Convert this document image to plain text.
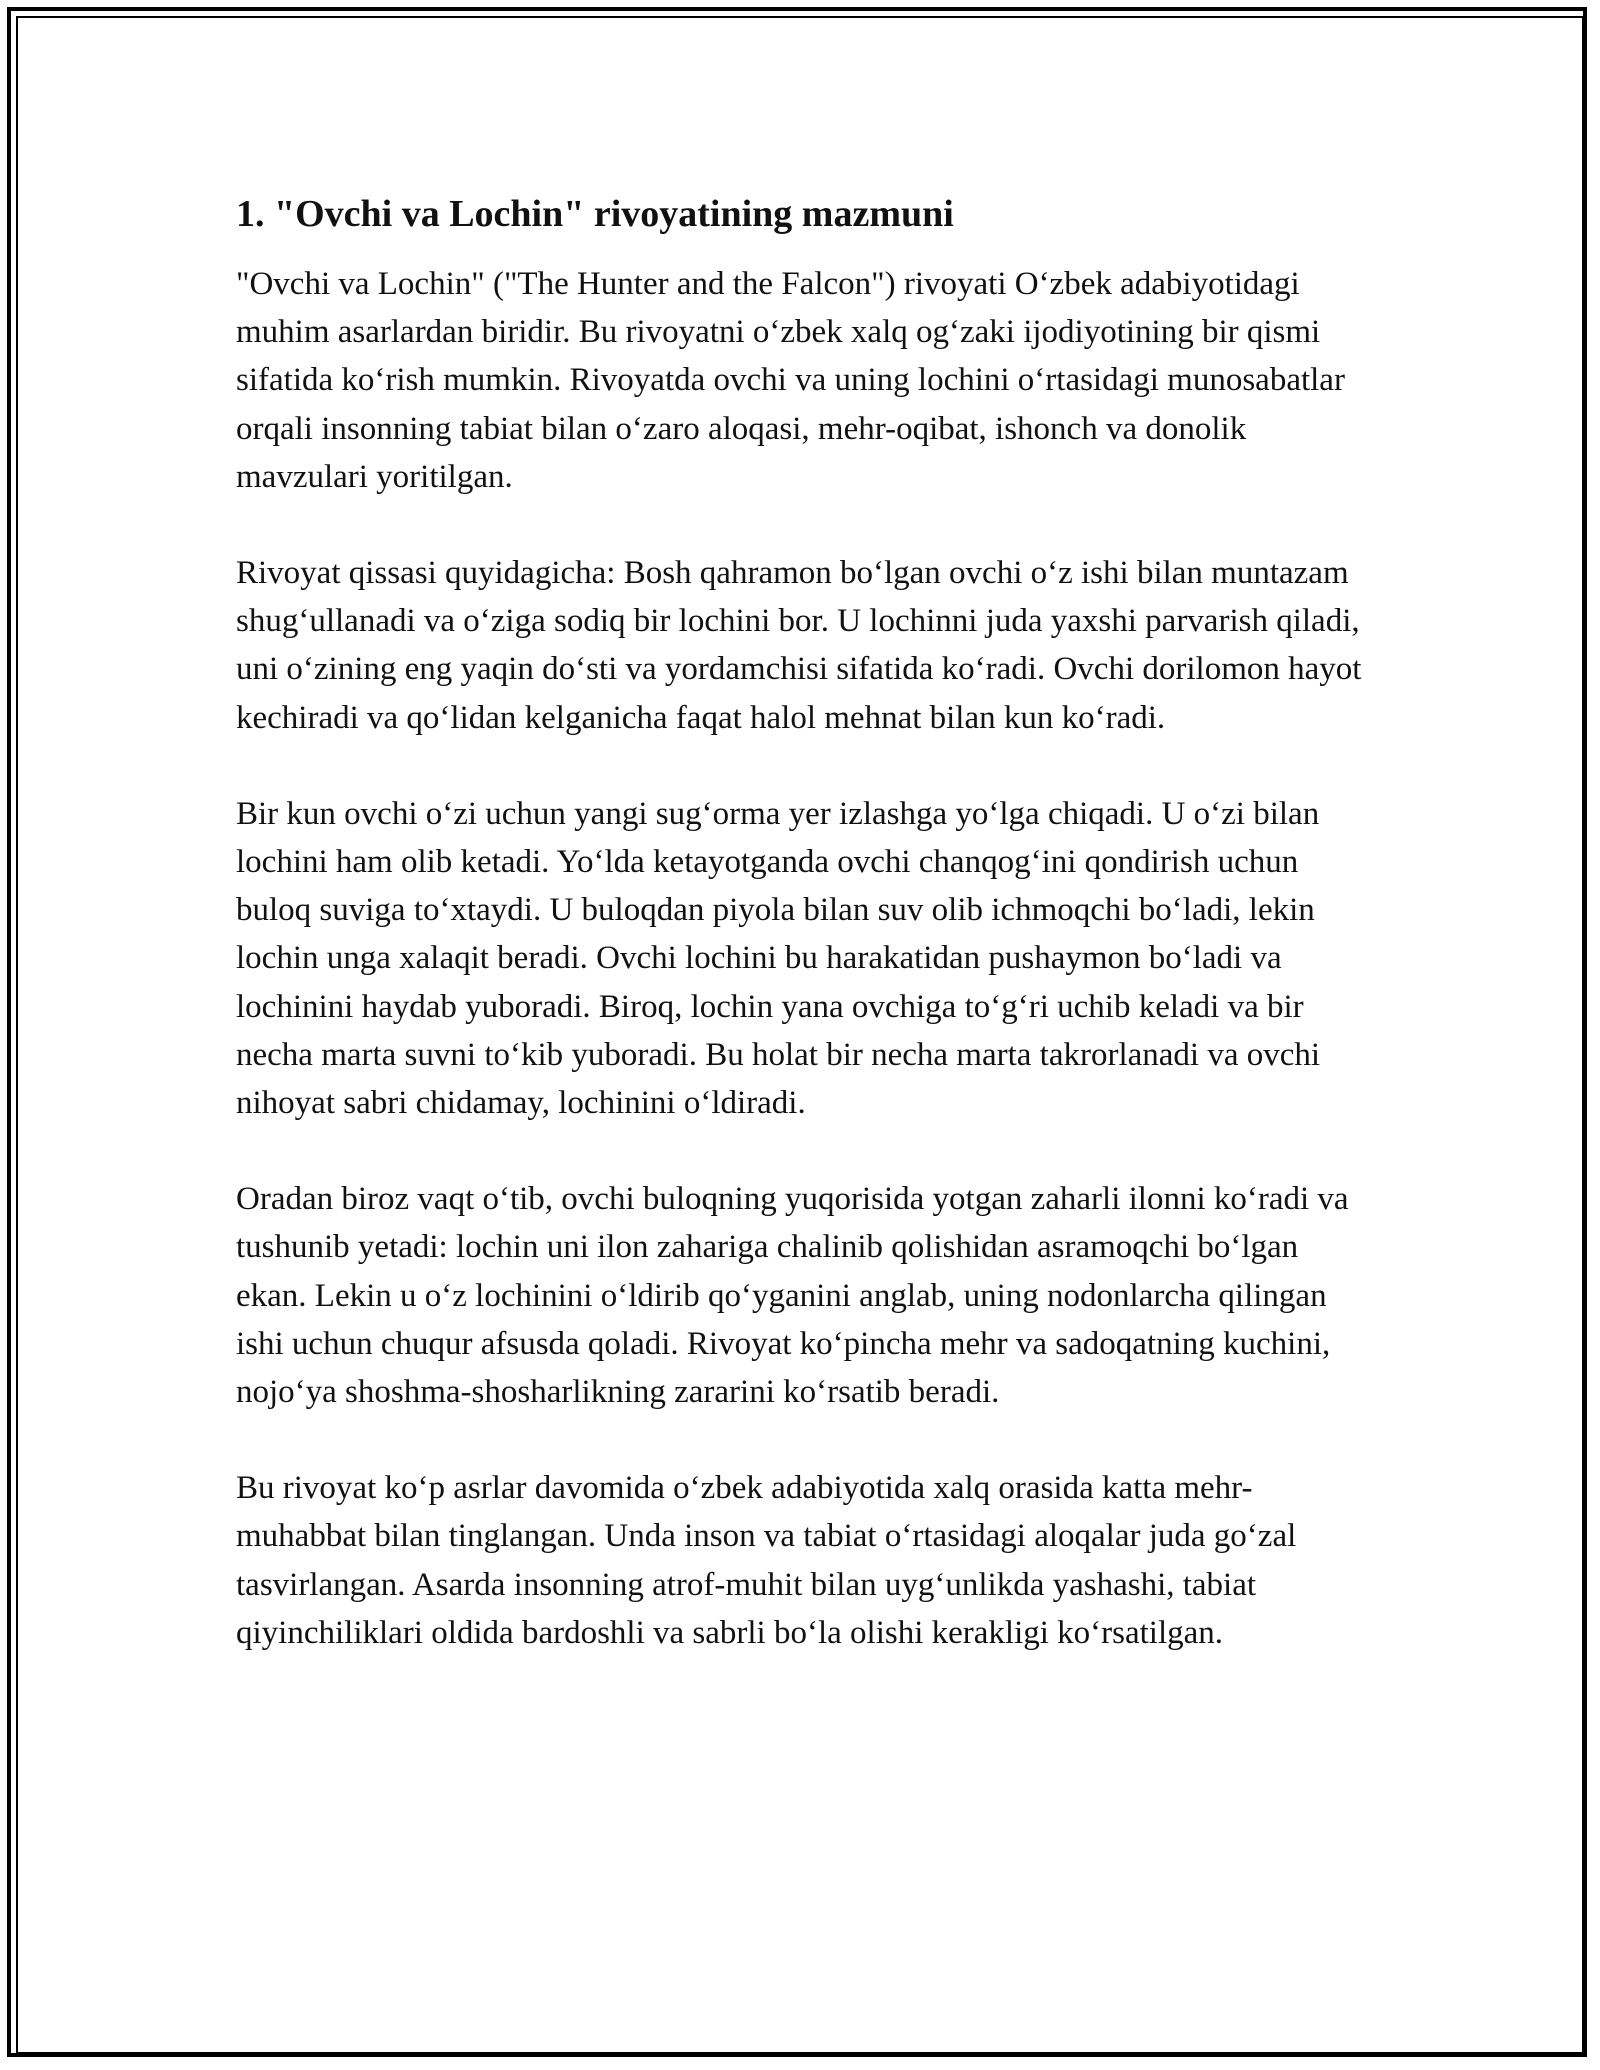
1. "Ovchi va Lochin" rivoyatining mazmuni

"Ovchi va Lochin" ("The Hunter and the Falcon") rivoyati O‘zbek adabiyotidagi muhim asarlardan biridir. Bu rivoyatni o‘zbek xalq og‘zaki ijodiyotining bir qismi sifatida ko‘rish mumkin. Rivoyatda ovchi va uning lochini o‘rtasidagi munosabatlar orqali insonning tabiat bilan o‘zaro aloqasi, mehr-oqibat, ishonch va donolik mavzulari yoritilgan.

Rivoyat qissasi quyidagicha: Bosh qahramon bo‘lgan ovchi o‘z ishi bilan muntazam shug‘ullanadi va o‘ziga sodiq bir lochini bor. U lochinni juda yaxshi parvarish qiladi, uni o‘zining eng yaqin do‘sti va yordamchisi sifatida ko‘radi. Ovchi dorilomon hayot kechiradi va qo‘lidan kelganicha faqat halol mehnat bilan kun ko‘radi.

Bir kun ovchi o‘zi uchun yangi sug‘orma yer izlashga yo‘lga chiqadi. U o‘zi bilan lochini ham olib ketadi. Yo‘lda ketayotganda ovchi chanqog‘ini qondirish uchun buloq suviga to‘xtaydi. U buloqdan piyola bilan suv olib ichmoqchi bo‘ladi, lekin lochin unga xalaqit beradi. Ovchi lochini bu harakatidan pushaymon bo‘ladi va lochinini haydab yuboradi. Biroq, lochin yana ovchiga to‘g‘ri uchib keladi va bir necha marta suvni to‘kib yuboradi. Bu holat bir necha marta takrorlanadi va ovchi nihoyat sabri chidamay, lochinini o‘ldiradi.

Oradan biroz vaqt o‘tib, ovchi buloqning yuqorisida yotgan zaharli ilonni ko‘radi va tushunib yetadi: lochin uni ilon zahariga chalinib qolishidan asramoqchi bo‘lgan ekan. Lekin u o‘z lochinini o‘ldirib qo‘yganini anglab, uning nodonlarcha qilingan ishi uchun chuqur afsusda qoladi. Rivoyat ko‘pincha mehr va sadoqatning kuchini, nojo‘ya shoshma-shosharlikning zararini ko‘rsatib beradi.

Bu rivoyat ko‘p asrlar davomida o‘zbek adabiyotida xalq orasida katta mehr-muhabbat bilan tinglangan. Unda inson va tabiat o‘rtasidagi aloqalar juda go‘zal tasvirlangan. Asarda insonning atrof-muhit bilan uyg‘unlikda yashashi, tabiat qiyinchiliklari oldida bardoshli va sabrli bo‘la olishi kerakligi ko‘rsatilgan.
